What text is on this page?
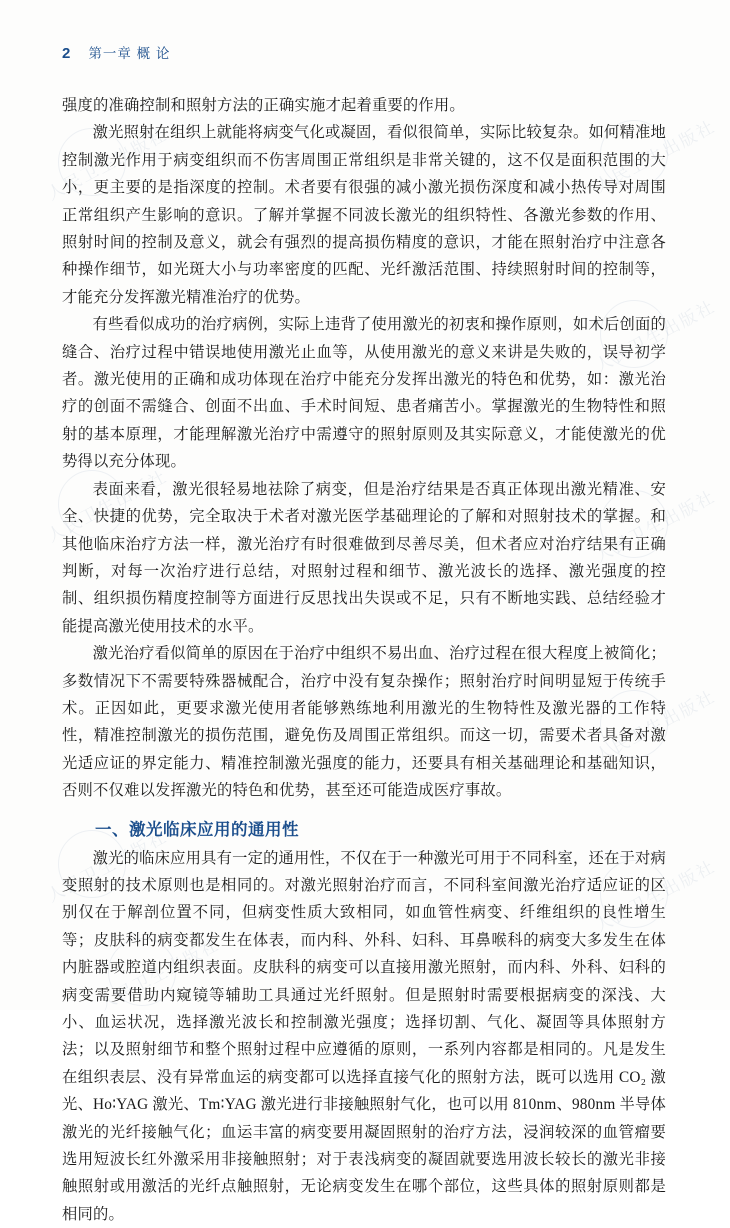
人民卫生出版社	人民卫生出版社
人民卫生出版社
人民卫生出版社	人民卫生出版社
人民卫生出版社
人民卫生出版社	人民卫生出版社
人民卫生出版社
2 第一章 概 论

强度的准确控制和照射方法的正确实施才起着重要的作用。

激光照射在组织上就能将病变气化或凝固，看似很简单，实际比较复杂。如何精准地控制激光作用于病变组织而不伤害周围正常组织是非常关键的，这不仅是面积范围的大小，更主要的是指深度的控制。术者要有很强的减小激光损伤深度和减小热传导对周围正常组织产生影响的意识。了解并掌握不同波长激光的组织特性、各激光参数的作用、照射时间的控制及意义，就会有强烈的提高损伤精度的意识，才能在照射治疗中注意各种操作细节，如光斑大小与功率密度的匹配、光纤激活范围、持续照射时间的控制等，才能充分发挥激光精准治疗的优势。

有些看似成功的治疗病例，实际上违背了使用激光的初衷和操作原则，如术后创面的缝合、治疗过程中错误地使用激光止血等，从使用激光的意义来讲是失败的，误导初学者。激光使用的正确和成功体现在治疗中能充分发挥出激光的特色和优势，如：激光治疗的创面不需缝合、创面不出血、手术时间短、患者痛苦小。掌握激光的生物特性和照射的基本原理，才能理解激光治疗中需遵守的照射原则及其实际意义，才能使激光的优势得以充分体现。

表面来看，激光很轻易地祛除了病变，但是治疗结果是否真正体现出激光精准、安全、快捷的优势，完全取决于术者对激光医学基础理论的了解和对照射技术的掌握。和其他临床治疗方法一样，激光治疗有时很难做到尽善尽美，但术者应对治疗结果有正确判断，对每一次治疗进行总结，对照射过程和细节、激光波长的选择、激光强度的控制、组织损伤精度控制等方面进行反思找出失误或不足，只有不断地实践、总结经验才能提高激光使用技术的水平。

激光治疗看似简单的原因在于治疗中组织不易出血、治疗过程在很大程度上被简化；多数情况下不需要特殊器械配合，治疗中没有复杂操作；照射治疗时间明显短于传统手术。正因如此，更要求激光使用者能够熟练地利用激光的生物特性及激光器的工作特性，精准控制激光的损伤范围，避免伤及周围正常组织。而这一切，需要术者具备对激光适应证的界定能力、精准控制激光强度的能力，还要具有相关基础理论和基础知识，否则不仅难以发挥激光的特色和优势，甚至还可能造成医疗事故。

一、激光临床应用的通用性

激光的临床应用具有一定的通用性，不仅在于一种激光可用于不同科室，还在于对病变照射的技术原则也是相同的。对激光照射治疗而言，不同科室间激光治疗适应证的区别仅在于解剖位置不同，但病变性质大致相同，如血管性病变、纤维组织的良性增生等；皮肤科的病变都发生在体表，而内科、外科、妇科、耳鼻喉科的病变大多发生在体内脏器或腔道内组织表面。皮肤科的病变可以直接用激光照射，而内科、外科、妇科的病变需要借助内窥镜等辅助工具通过光纤照射。但是照射时需要根据病变的深浅、大小、血运状况，选择激光波长和控制激光强度；选择切割、气化、凝固等具体照射方法；以及照射细节和整个照射过程中应遵循的原则，一系列内容都是相同的。凡是发生在组织表层、没有异常血运的病变都可以选择直接气化的照射方法，既可以选用 CO₂ 激光、Ho∶YAG 激光、Tm∶YAG 激光进行非接触照射气化，也可以用 810nm、980nm 半导体激光的光纤接触气化；血运丰富的病变要用凝固照射的治疗方法，浸润较深的血管瘤要选用短波长红外激采用非接触照射；对于表浅病变的凝固就要选用波长较长的激光非接触照射或用激活的光纤点触照射，无论病变发生在哪个部位，这些具体的照射原则都是相同的。
